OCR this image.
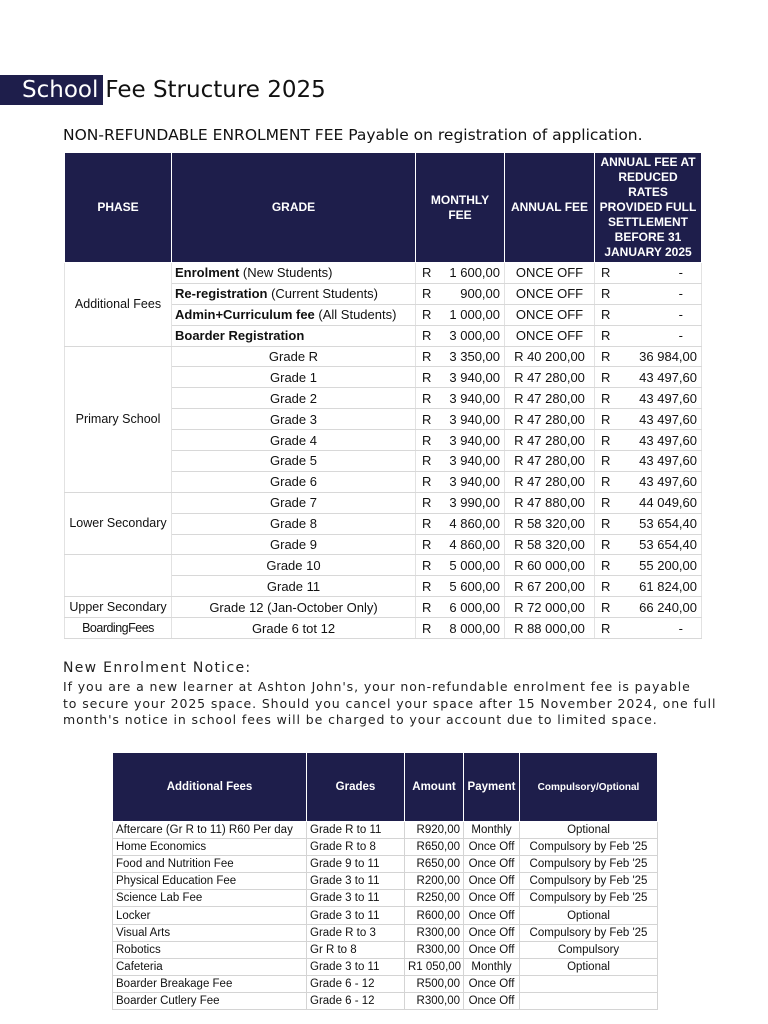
School Fee Structure 2025
NON-REFUNDABLE ENROLMENT FEE Payable on registration of application.
PHASE	GRADE	MONTHLY FEE		ANNUAL FEE	ANNUAL FEE AT REDUCED RATES PROVIDED FULL SETTLEMENT BEFORE 31 JANUARY 2025	
Additional Fees	Enrolment (New Students)	R	1 600,00	ONCE OFF	R	-
	Re-registration (Current Students)	R	900,00	ONCE OFF	R	-
	Admin+Curriculum fee (All Students)	R	1 000,00	ONCE OFF	R	-
	Boarder Registration	R	3 000,00	ONCE OFF	R	-
Primary School	Grade R	R	3 350,00	R 40 200,00	R	36 984,00
	Grade 1	R	3 940,00	R 47 280,00	R	43 497,60
	Grade 2	R	3 940,00	R 47 280,00	R	43 497,60
	Grade 3	R	3 940,00	R 47 280,00	R	43 497,60
	Grade 4	R	3 940,00	R 47 280,00	R	43 497,60
	Grade 5	R	3 940,00	R 47 280,00	R	43 497,60
	Grade 6	R	3 940,00	R 47 280,00	R	43 497,60
Lower Secondary	Grade 7	R	3 990,00	R 47 880,00	R	44 049,60
	Grade 8	R	4 860,00	R 58 320,00	R	53 654,40
	Grade 9	R	4 860,00	R 58 320,00	R	53 654,40
	Grade 10	R	5 000,00	R 60 000,00	R	55 200,00
	Grade 11	R	5 600,00	R 67 200,00	R	61 824,00
Upper Secondary	Grade 12 (Jan-October Only)	R	6 000,00	R 72 000,00	R	66 240,00
BoardingFees	Grade 6 tot 12	R	8 000,00	R 88 000,00	R	-
New Enrolment Notice:
If you are a new learner at Ashton John's, your non-refundable enrolment fee is payable
to secure your 2025 space. Should you cancel your space after 15 November 2024, one full
month's notice in school fees will be charged to your account due to limited space.
Additional Fees	Grades	Amount	Payment	Compulsory/Optional
Aftercare (Gr R to 11) R60 Per day	Grade R to 11	R920,00	Monthly	Optional
Home Economics	Grade R to 8	R650,00	Once Off	Compulsory by Feb '25
Food and Nutrition Fee	Grade 9 to 11	R650,00	Once Off	Compulsory by Feb '25
Physical Education Fee	Grade 3 to 11	R200,00	Once Off	Compulsory by Feb '25
Science Lab Fee	Grade 3 to 11	R250,00	Once Off	Compulsory by Feb '25
Locker	Grade 3 to 11	R600,00	Once Off	Optional
Visual Arts	Grade R to 3	R300,00	Once Off	Compulsory by Feb '25
Robotics	Gr R to 8	R300,00	Once Off	Compulsory
Cafeteria	Grade 3 to 11	R1 050,00	Monthly	Optional
Boarder Breakage Fee	Grade 6 - 12	R500,00	Once Off	
Boarder Cutlery Fee	Grade 6 - 12	R300,00	Once Off	
